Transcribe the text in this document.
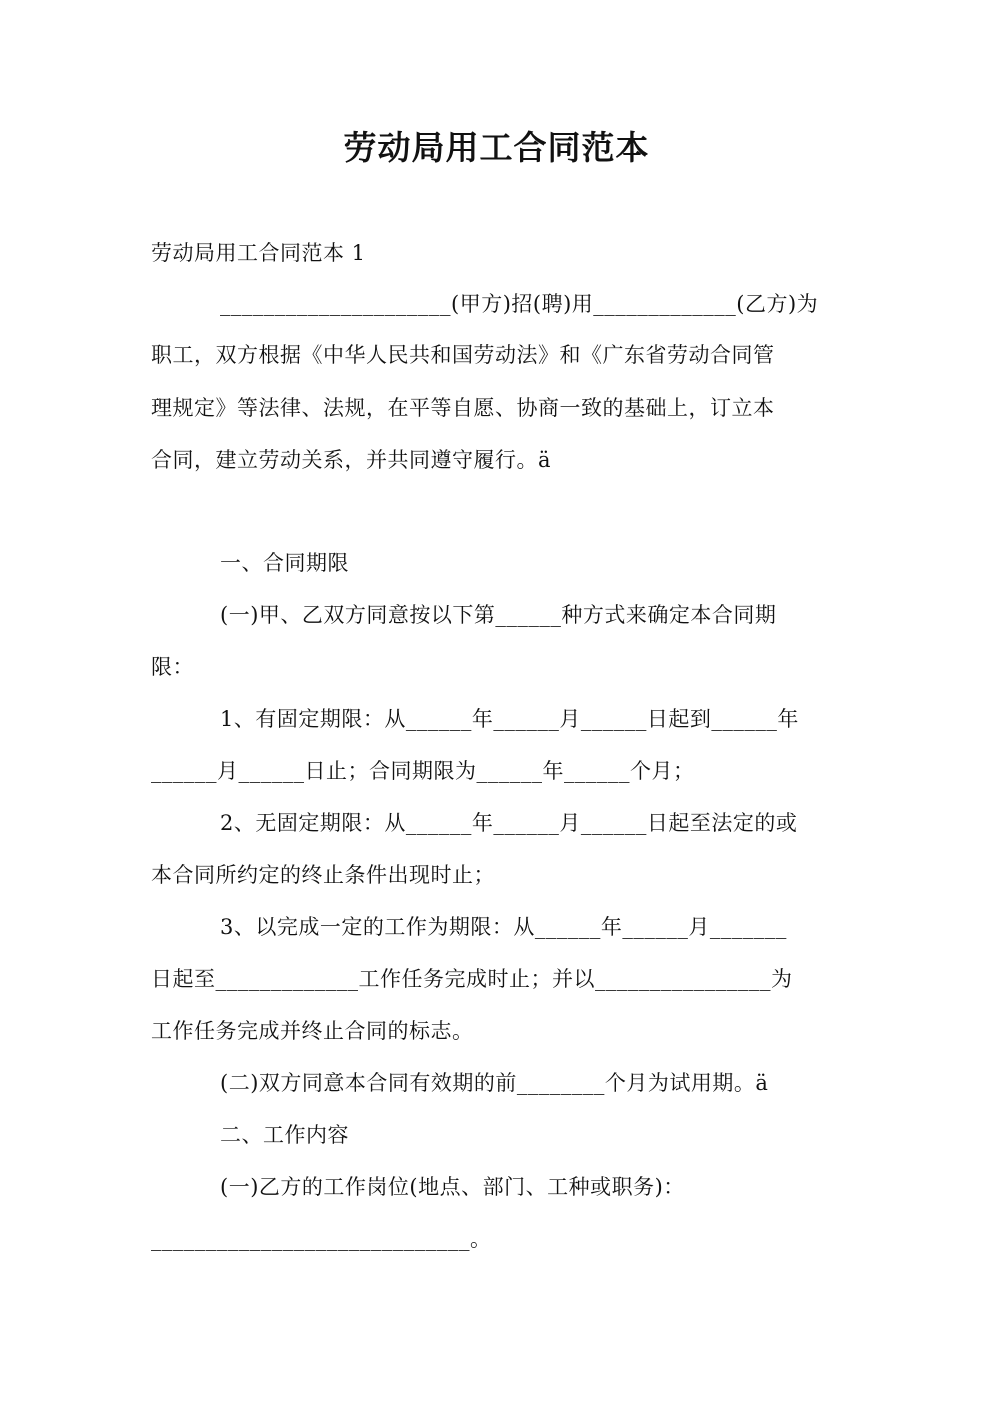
劳动局用工合同范本
劳动局用工合同范本 1
_____________________(甲方)招(聘)用_____________(乙方)为
职工，双方根据《中华人民共和国劳动法》和《广东省劳动合同管
理规定》等法律、法规，在平等自愿、协商一致的基础上，订立本
合同，建立劳动关系，并共同遵守履行。ä
一、合同期限
(一)甲、乙双方同意按以下第______种方式来确定本合同期
限：
1、有固定期限：从______年______月______日起到______年
______月______日止；合同期限为______年______个月；
2、无固定期限：从______年______月______日起至法定的或
本合同所约定的终止条件出现时止；
3、以完成一定的工作为期限：从______年______月_______
日起至_____________工作任务完成时止；并以________________为
工作任务完成并终止合同的标志。
(二)双方同意本合同有效期的前________个月为试用期。ä
二、工作内容
(一)乙方的工作岗位(地点、部门、工种或职务)：
_____________________________。
